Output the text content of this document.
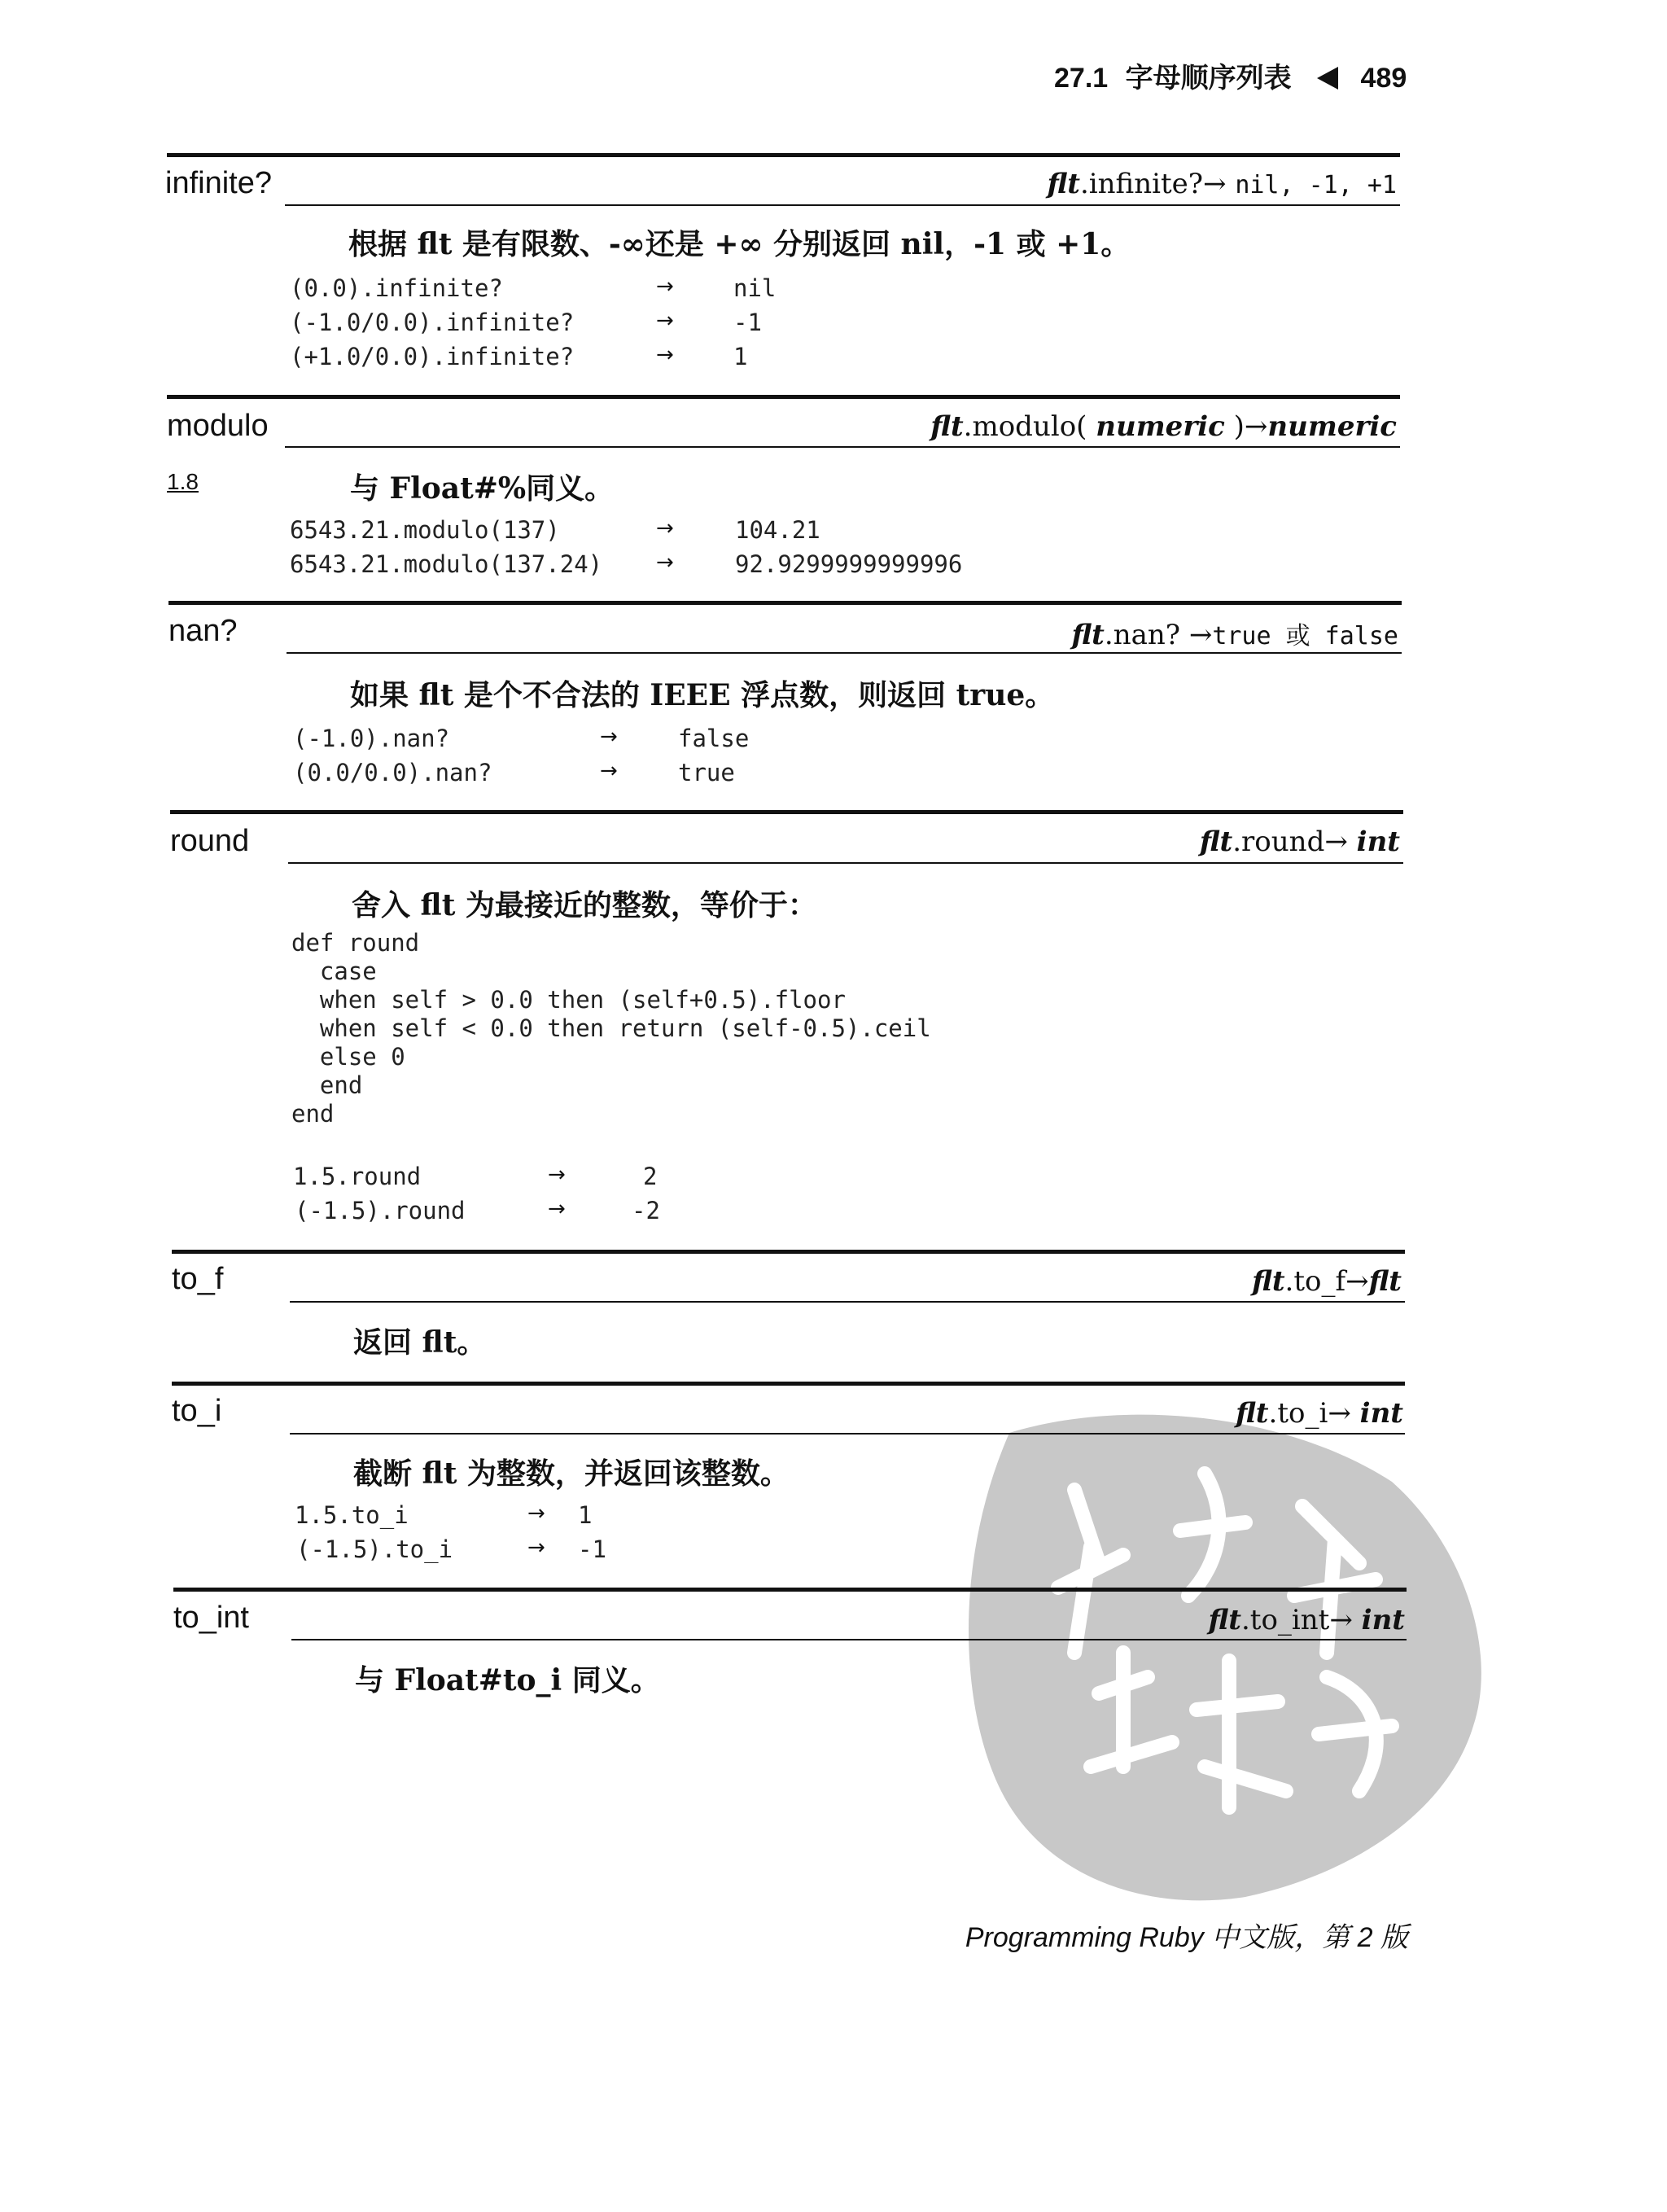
27.1 字母顺序列表 489
infinite?	flt.infinite?→ nil, -1, +1
根据 flt 是有限数、-∞还是 +∞ 分别返回 nil，-1 或 +1。
(0.0).infinite?	→	nil
(-1.0/0.0).infinite?	→	-1
(+1.0/0.0).infinite?	→	1
modulo
1.8
flt.modulo( numeric )→numeric
与 Float#%同义。
6543.21.modulo(137)	→	104.21
6543.21.modulo(137.24)	→	92.9299999999996
nan?	flt.nan? →true 或 false
如果 flt 是个不合法的 IEEE 浮点数，则返回 true。
(-1.0).nan?	→	false
(0.0/0.0).nan?	→	true
round	flt.round→ int
舍入 flt 为最接近的整数，等价于：
def round
case
when self > 0.0 then (self+0.5).floor
when self < 0.0 then return (self-0.5).ceil
else 0
end
end
1.5.round	→	2
(-1.5).round	→	-2
to_f	flt.to_f→flt
返回 flt。
to_i	flt.to_i→ int
截断 flt 为整数，并返回该整数。
1.5.to_i	→ 1
(-1.5).to_i	→ -1
to_int	flt.to_int→ int
与 Float#to_i 同义。
Programming Ruby 中文版，第 2 版
